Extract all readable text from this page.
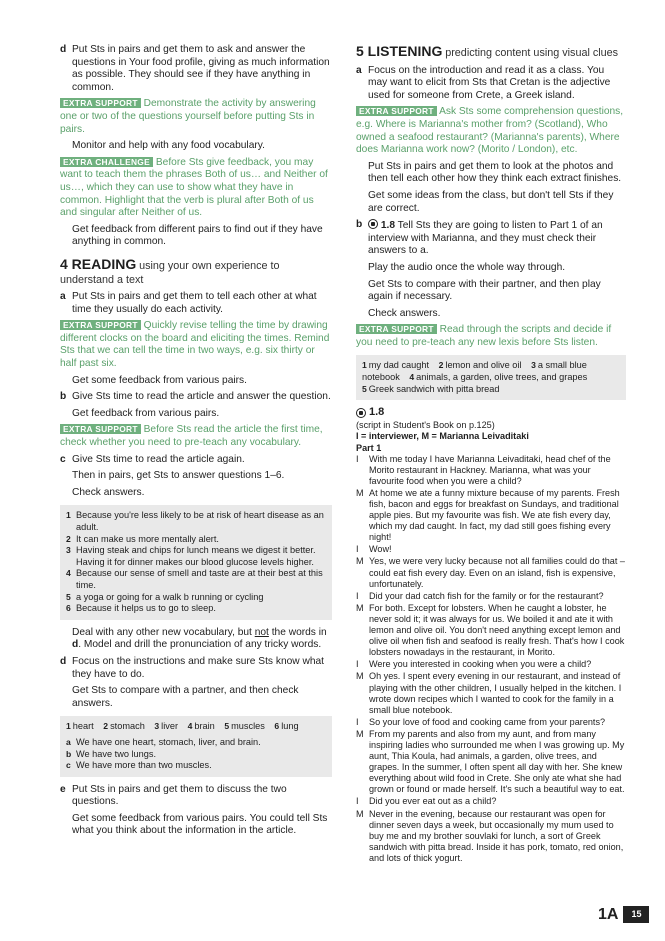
d Put Sts in pairs and get them to ask and answer the questions in Your food profile, giving as much information as possible. They should see if they have anything in common.

EXTRA SUPPORT Demonstrate the activity by answering one or two of the questions yourself before putting Sts in pairs.

Monitor and help with any food vocabulary.

EXTRA CHALLENGE Before Sts give feedback, you may want to teach them the phrases Both of us… and Neither of us…, which they can use to show what they have in common. Highlight that the verb is plural after Both of us and singular after Neither of us.

Get feedback from different pairs to find out if they have anything in common.

4 READING using your own experience to understand a text
a Put Sts in pairs and get them to tell each other at what time they usually do each activity.

EXTRA SUPPORT Quickly revise telling the time by drawing different clocks on the board and eliciting the times. Remind Sts that we can tell the time in two ways, e.g. six thirty or half past six.

Get some feedback from various pairs.

b Give Sts time to read the article and answer the question.

Get feedback from various pairs.

EXTRA SUPPORT Before Sts read the article the first time, check whether you need to pre-teach any vocabulary.

c Give Sts time to read the article again.

Then in pairs, get Sts to answer questions 1–6.

Check answers.

1 Because you're less likely to be at risk of heart disease as an adult.
2 It can make us more mentally alert.
3 Having steak and chips for lunch means we digest it better. Having it for dinner makes our blood glucose levels higher.
4 Because our sense of smell and taste are at their best at this time.
5 a yoga or going for a walk b running or cycling
6 Because it helps us to go to sleep.

Deal with any other new vocabulary, but not the words in d. Model and drill the pronunciation of any tricky words.

d Focus on the instructions and make sure Sts know what they have to do.

Get Sts to compare with a partner, and then check answers.

1 heart 2 stomach 3 liver 4 brain 5 muscles 6 lung
a We have one heart, stomach, liver, and brain.
b We have two lungs.
c We have more than two muscles.
e Put Sts in pairs and get them to discuss the two questions.

Get some feedback from various pairs. You could tell Sts what you think about the information in the article.

5 LISTENING predicting content using visual clues
a Focus on the introduction and read it as a class. You may want to elicit from Sts that Cretan is the adjective used for someone from Crete, a Greek island.

EXTRA SUPPORT Ask Sts some comprehension questions, e.g. Where is Marianna's mother from? (Scotland), Who owned a seafood restaurant? (Marianna's parents), Where does Marianna work now? (Morito / London), etc.

Put Sts in pairs and get them to look at the photos and then tell each other how they think each extract finishes.

Get some ideas from the class, but don't tell Sts if they are correct.

b	1.8 Tell Sts they are going to listen to Part 1 of an interview with Marianna, and they must check their answers to a.

Play the audio once the whole way through.

Get Sts to compare with their partner, and then play again if necessary.

Check answers.

EXTRA SUPPORT Read through the scripts and decide if you need to pre-teach any new lexis before Sts listen.

1 my dad caught 2 lemon and olive oil 3 a small blue
notebook 4 animals, a garden, olive trees, and grapes
5 Greek sandwich with pitta bread
1.8
(script in Student's Book on p.125)
I = interviewer, M = Marianna Leivaditaki
Part 1
I With me today I have Marianna Leivaditaki, head chef of the Morito restaurant in Hackney. Marianna, what was your favourite food when you were a child?
M At home we ate a funny mixture because of my parents. Fresh fish, bacon and eggs for breakfast on Sundays, and traditional apple pies. But my favourite was fish. We ate fish every day, which my dad caught. In fact, my dad still goes fishing every night!
I Wow!
M Yes, we were very lucky because not all families could do that – could eat fish every day. Even on an island, fish is expensive, unfortunately.
I Did your dad catch fish for the family or for the restaurant?
M For both. Except for lobsters. When he caught a lobster, he never sold it; it was always for us. We boiled it and ate it with lemon and olive oil. You don't need anything except lemon and olive oil when fish and seafood is really fresh. That's how I cook lobsters nowadays in the restaurant, in Morito.
I Were you interested in cooking when you were a child?
M Oh yes. I spent every evening in our restaurant, and instead of playing with the other children, I usually helped in the kitchen. I wrote down recipes which I wanted to cook for the family in a small blue notebook.
I So your love of food and cooking came from your parents?
M From my parents and also from my aunt, and from many inspiring ladies who surrounded me when I was growing up. My aunt, Thia Koula, had animals, a garden, olive trees, and grapes. In the summer, I often spent all day with her. She knew everything about wild food in Crete. She only ate what she had grown or found or made herself. It's such a beautiful way to eat.
I Did you ever eat out as a child?
M Never in the evening, because our restaurant was open for dinner seven days a week, but occasionally my mum used to buy me and my brother souvlaki for lunch, a sort of Greek sandwich with pitta bread. Inside it has pork, tomato, red onion, and lots of thick yogurt.
1A	15
